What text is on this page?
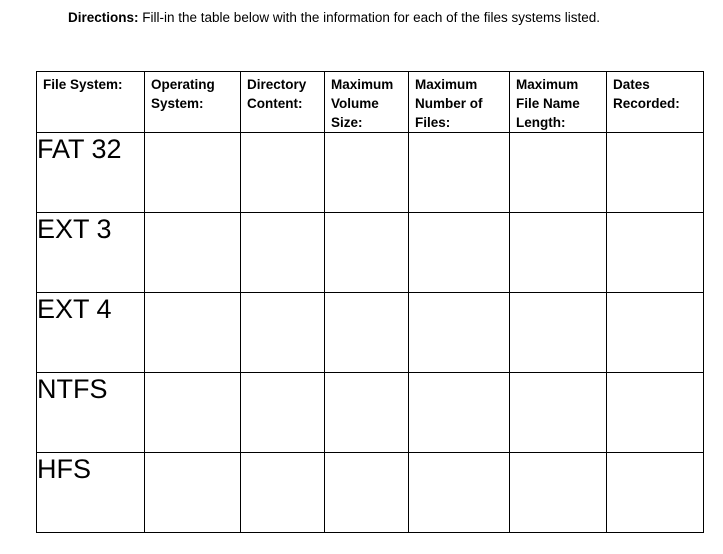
Directions: Fill-in the table below with the information for each of the files systems listed.
File System:	Operating System:	Directory Content:	Maximum Volume Size:	Maximum Number of Files:	Maximum File Name Length:	Dates Recorded:
FAT 32						
EXT 3						
EXT 4						
NTFS						
HFS						
